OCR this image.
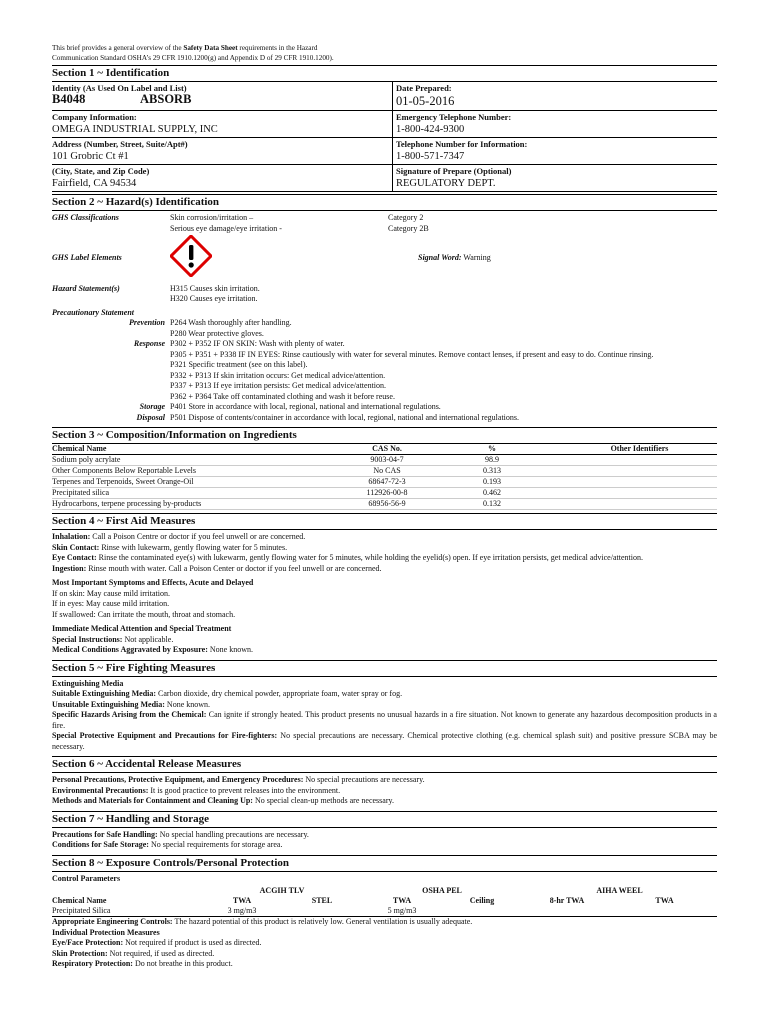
This brief provides a general overview of the Safety Data Sheet requirements in the Hazard
Communication Standard OSHA’s 29 CFR 1910.1200(g) and Appendix D of 29 CFR 1910.1200).
Section 1 ~ Identification
Identity (As Used On Label and List)
B4048	ABSORB
Date Prepared:
01-05-2016
Company Information:
OMEGA INDUSTRIAL SUPPLY, INC
Emergency Telephone Number:
1-800-424-9300
Address (Number, Street, Suite/Apt#)
101 Grobric Ct #1
Telephone Number for Information:
1-800-571-7347
(City, State, and Zip Code)
Fairfield, CA 94534
Signature of Prepare (Optional)
REGULATORY DEPT.
Section 2 ~ Hazard(s) Identification
GHS Classifications	Skin corrosion/irritation –
Serious eye damage/eye irritation -
Category 2
Category 2B
GHS Label Elements	Signal Word: Warning
Hazard Statement(s)	H315 Causes skin irritation.
H320 Causes eye irritation.
Precautionary Statement
Prevention P264 Wash thoroughly after handling.
P280 Wear protective gloves.
Response P302 + P352 IF ON SKIN: Wash with plenty of water.
P305 + P351 + P338 IF IN EYES: Rinse cautiously with water for several minutes. Remove contact lenses, if present and easy to do. Continue rinsing.
P321 Specific treatment (see on this label).
P332 + P313 If skin irritation occurs: Get medical advice/attention.
P337 + P313 If eye irritation persists: Get medical advice/attention.
P362 + P364 Take off contaminated clothing and wash it before reuse.
Storage P401 Store in accordance with local, regional, national and international regulations.
Disposal P501 Dispose of contents/container in accordance with local, regional, national and international regulations.
Section 3 ~ Composition/Information on Ingredients
Chemical Name	CAS No.	%	Other Identifiers
Sodium poly acrylate	9003-04-7	98.9	
Other Components Below Reportable Levels	No CAS	0.313	
Terpenes and Terpenoids, Sweet Orange-Oil	68647-72-3	0.193	
Precipitated silica	112926-00-8	0.462	
Hydrocarbons, terpene processing by-products	68956-56-9	0.132	
Section 4 ~ First Aid Measures
Inhalation: Call a Poison Centre or doctor if you feel unwell or are concerned.
Skin Contact: Rinse with lukewarm, gently flowing water for 5 minutes.
Eye Contact: Rinse the contaminated eye(s) with lukewarm, gently flowing water for 5 minutes, while holding the eyelid(s) open. If eye irritation persists, get medical advice/attention.
Ingestion: Rinse mouth with water. Call a Poison Center or doctor if you feel unwell or are concerned.
Most Important Symptoms and Effects, Acute and Delayed
If on skin: May cause mild irritation.
If in eyes: May cause mild irritation.
If swallowed: Can irritate the mouth, throat and stomach.
Immediate Medical Attention and Special Treatment
Special Instructions: Not applicable.
Medical Conditions Aggravated by Exposure: None known.
Section 5 ~ Fire Fighting Measures
Extinguishing Media
Suitable Extinguishing Media: Carbon dioxide, dry chemical powder, appropriate foam, water spray or fog.
Unsuitable Extinguishing Media: None known.
Specific Hazards Arising from the Chemical: Can ignite if strongly heated. This product presents no unusual hazards in a fire situation. Not known to generate any hazardous decomposition products in a fire.
Special Protective Equipment and Precautions for Fire-fighters: No special precautions are necessary. Chemical protective clothing (e.g. chemical splash suit) and positive pressure SCBA may be necessary.
Section 6 ~ Accidental Release Measures
Personal Precautions, Protective Equipment, and Emergency Procedures: No special precautions are necessary.
Environmental Precautions: It is good practice to prevent releases into the environment.
Methods and Materials for Containment and Cleaning Up: No special clean-up methods are necessary.
Section 7 ~ Handling and Storage
Precautions for Safe Handling: No special handling precautions are necessary.
Conditions for Safe Storage: No special requirements for storage area.
Section 8 ~ Exposure Controls/Personal Protection
Control Parameters
	ACGIH TLV		OSHA PEL		AIHA WEEL	
Chemical Name	TWA	STEL	TWA	Ceiling	8-hr TWA	TWA
Precipitated Silica	3 mg/m3		5 mg/m3			
Appropriate Engineering Controls: The hazard potential of this product is relatively low. General ventilation is usually adequate.
Individual Protection Measures
Eye/Face Protection: Not required if product is used as directed.
Skin Protection: Not required, if used as directed.
Respiratory Protection: Do not breathe in this product.
